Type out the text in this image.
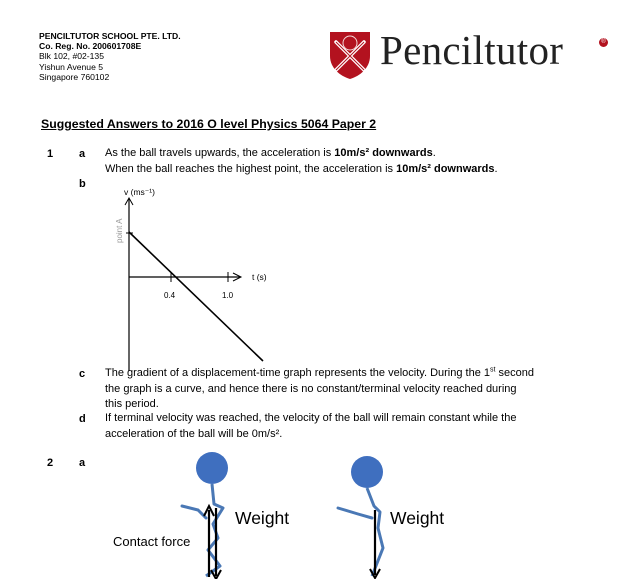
PENCILTUTOR SCHOOL PTE. LTD.
Co. Reg. No. 200601708E
Blk 102, #02-135
Yishun Avenue 5
Singapore 760102
Penciltutor	®
Suggested Answers to 2016 O level Physics 5064 Paper 2
1 a As the ball travels upwards, the acceleration is 10m/s² downwards.
When the ball reaches the highest point, the acceleration is 10m/s² downwards.
b
v (ms⁻¹)
t (s)
0.4	1.0
point A
c The gradient of a displacement-time graph represents the velocity. During the 1st second
the graph is a curve, and hence there is no constant/terminal velocity reached during
this period.
d If terminal velocity was reached, the velocity of the ball will remain constant while the
acceleration of the ball will be 0m/s².
2 a
Weight	Weight
Contact force
